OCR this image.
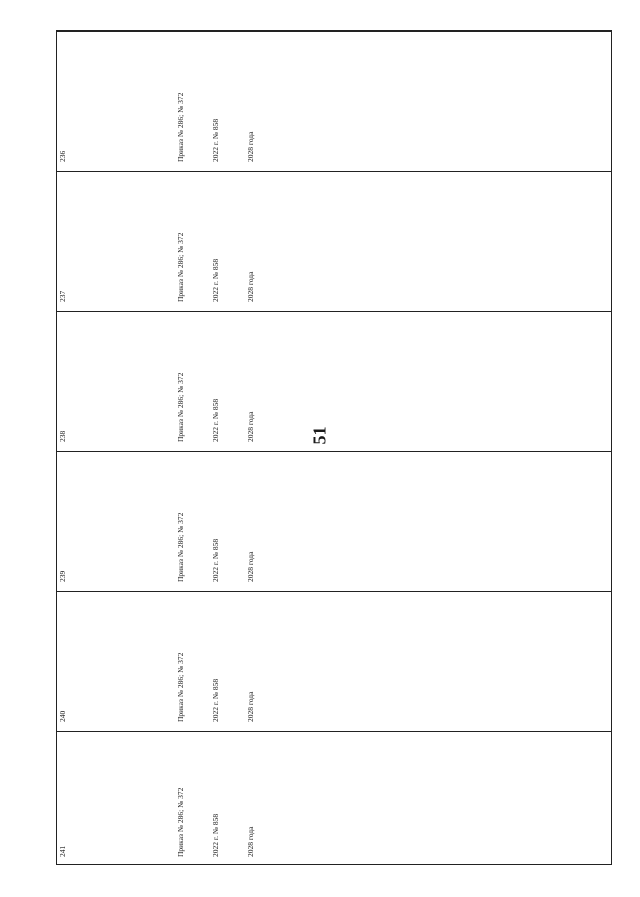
51
236	Приказ № 286; № 372	2022 г. № 858	2028 года
237	Приказ № 286; № 372	2022 г. № 858	2028 года
238	Приказ № 286; № 372	2022 г. № 858	2028 года
239	Приказ № 286; № 372	2022 г. № 858	2028 года
240	Приказ № 286; № 372	2022 г. № 858	2028 года
241	Приказ № 286; № 372	2022 г. № 858	2028 года
